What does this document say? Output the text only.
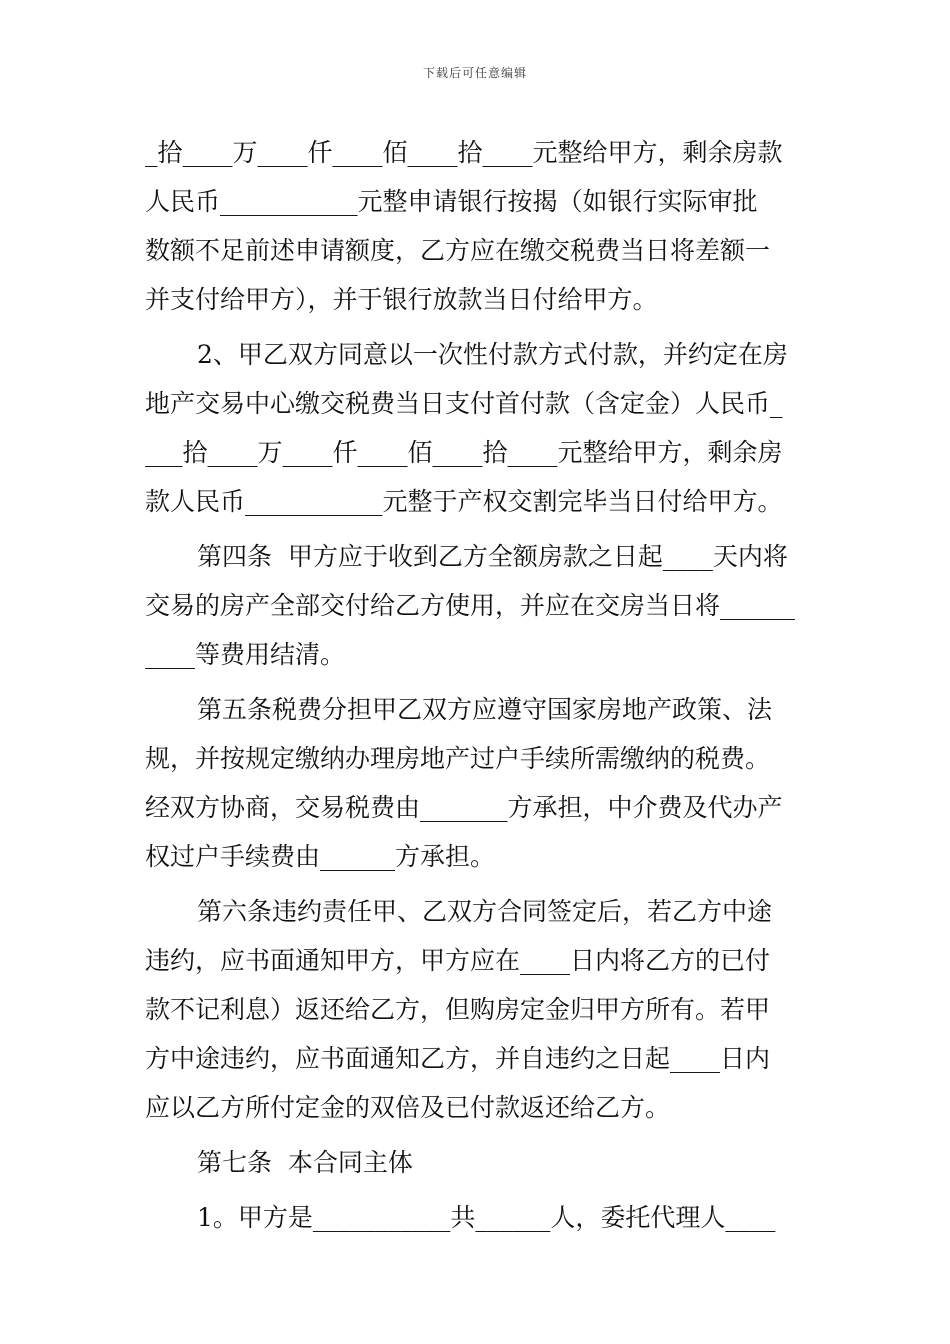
下载后可任意编辑
_拾____万____仟____佰____拾____元整给甲方，剩余房款
人民币___________元整申请银行按揭（如银行实际审批
数额不足前述申请额度，乙方应在缴交税费当日将差额一
并支付给甲方），并于银行放款当日付给甲方。
2、甲乙双方同意以一次性付款方式付款，并约定在房
地产交易中心缴交税费当日支付首付款（含定金）人民币_
___拾____万____仟____佰____拾____元整给甲方，剩余房
款人民币___________元整于产权交割完毕当日付给甲方。
第四条  甲方应于收到乙方全额房款之日起____天内将
交易的房产全部交付给乙方使用，并应在交房当日将______
____等费用结清。
第五条税费分担甲乙双方应遵守国家房地产政策、法
规，并按规定缴纳办理房地产过户手续所需缴纳的税费。
经双方协商，交易税费由_______方承担，中介费及代办产
权过户手续费由______方承担。
第六条违约责任甲、乙双方合同签定后，若乙方中途
违约，应书面通知甲方，甲方应在____日内将乙方的已付
款不记利息）返还给乙方，但购房定金归甲方所有。若甲
方中途违约，应书面通知乙方，并自违约之日起____日内
应以乙方所付定金的双倍及已付款返还给乙方。
第七条  本合同主体
1。甲方是___________共______人，委托代理人____
